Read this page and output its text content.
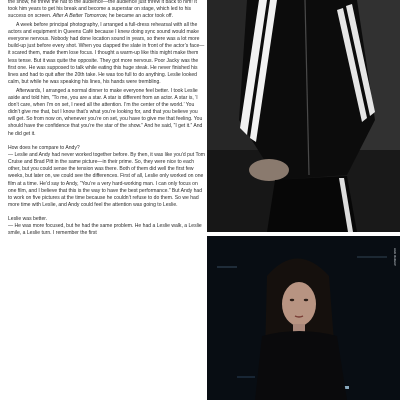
the show, he threw the hat to the audience—the audience just threw it back to him! It took him years to get his break and become a superstar on stage, which led to his success on screen. After A Better Tomorrow, he became an actor took off.

A week before principal photography, I arranged a full-dress rehearsal with all the actors and equipment in Queens Café because I knew doing sync sound would make everyone nervous. Nobody had done location sound in years, so there was a lot more build-up just before every shot. When you clapped the slate in front of the actor’s face—it scared them, made them lose focus. I thought a warm-up like this might make them less tense. But it was quite the opposite. They got more nervous. Poor Jacky was the first one. He was supposed to talk while eating this huge steak. He never finished his lines and had to quit after the 20th take. He was too full to do anything. Leslie looked calm, but while he was speaking his lines, his hands were trembling.

Afterwards, I arranged a normal dinner to make everyone feel better. I took Leslie aside and told him, “To me, you are a star. A star is different from an actor. A star is, ‘I don’t care, when I’m on set, I need all the attention. I’m the center of the world.’ You didn’t give me that, but I know that’s what you’re looking for, and that you believe you will get. So from now on, whenever you’re on set, you have to give me that feeling. You should have the confidence that you’re the star of the show.” And he said, “I get it.” And he did get it.

How does he compare to Andy?

— Leslie and Andy had never worked together before. By then, it was like you’d put Tom Cruise and Brad Pitt in the same picture—in their prime. So, they were nice to each other, but you could sense the tension was there. Both of them did well the first few weeks, but later on, we could see the differences. First of all, Leslie only worked on one film at a time. He’d say to Andy, “You’re a very hard-working man. I can only focus on one film, and I believe that this is the way to have the best performance.” But Andy had to work on five pictures at the time because he couldn’t refuse to do them. So we had more time with Leslie, and Andy could feel the attention was going to Leslie.

Leslie was better.

— He was more focused, but he had the same problem. He had a Leslie walk, a Leslie smile, a Leslie turn. I remember the first

HAIR MAKEUP
